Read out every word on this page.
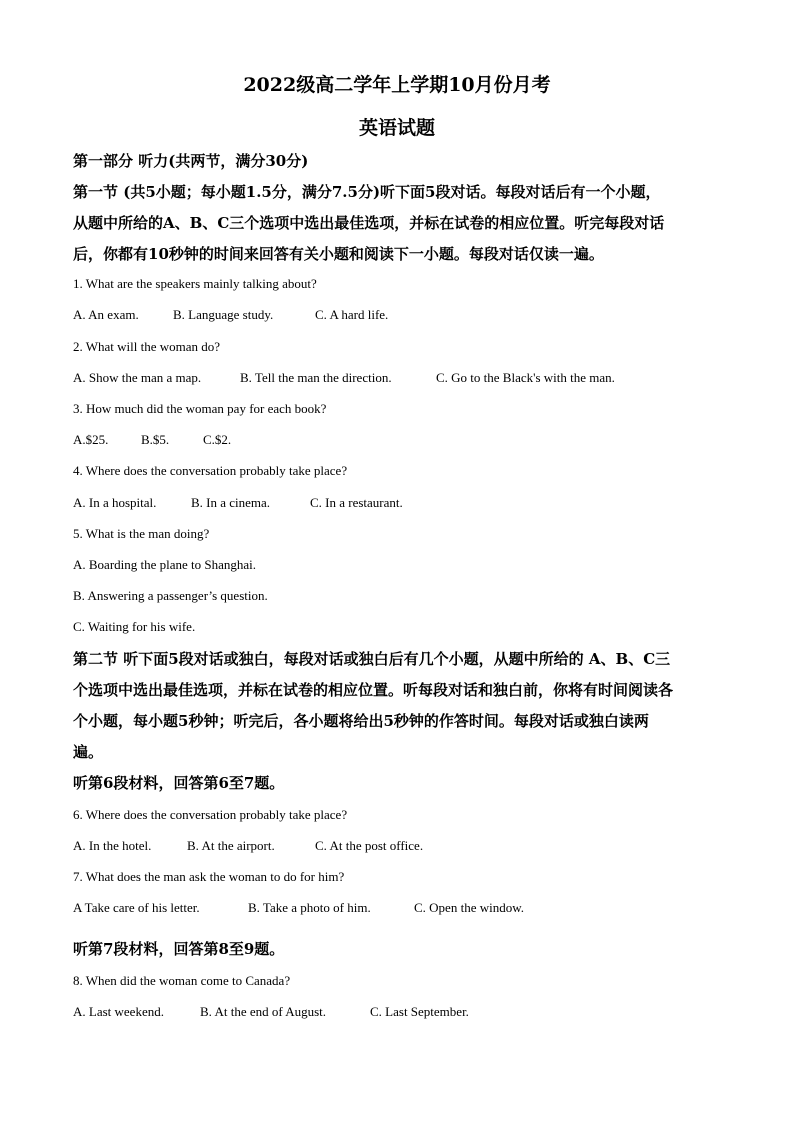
2022级高二学年上学期10月份月考
英语试题
第一部分 听力(共两节，满分30分)
第一节 (共5小题；每小题1.5分，满分7.5分)听下面5段对话。每段对话后有一个小题，
从题中所给的A、B、C三个选项中选出最佳选项，并标在试卷的相应位置。听完每段对话
后，你都有10秒钟的时间来回答有关小题和阅读下一小题。每段对话仅读一遍。
1. What are the speakers mainly talking about?
A. An exam.	B. Language study.	C. A hard life.
2. What will the woman do?
A. Show the man a map.	B. Tell the man the direction.	C. Go to the Black's with the man.
3. How much did the woman pay for each book?
A.$25.	B.$5.	C.$2.
4. Where does the conversation probably take place?
A. In a hospital.	B. In a cinema.	C. In a restaurant.
5. What is the man doing?
A. Boarding the plane to Shanghai.
B. Answering a passenger’s question.
C. Waiting for his wife.
第二节 听下面5段对话或独白，每段对话或独白后有几个小题，从题中所给的 A、B、C三
个选项中选出最佳选项，并标在试卷的相应位置。听每段对话和独白前，你将有时间阅读各
个小题，每小题5秒钟；听完后，各小题将给出5秒钟的作答时间。每段对话或独白读两
遍。
听第6段材料，回答第6至7题。
6. Where does the conversation probably take place?
A. In the hotel.	B. At the airport.	C. At the post office.
7. What does the man ask the woman to do for him?
A Take care of his letter.	B. Take a photo of him.	C. Open the window.
听第7段材料，回答第8至9题。
8. When did the woman come to Canada?
A. Last weekend.	B. At the end of August.	C. Last September.
